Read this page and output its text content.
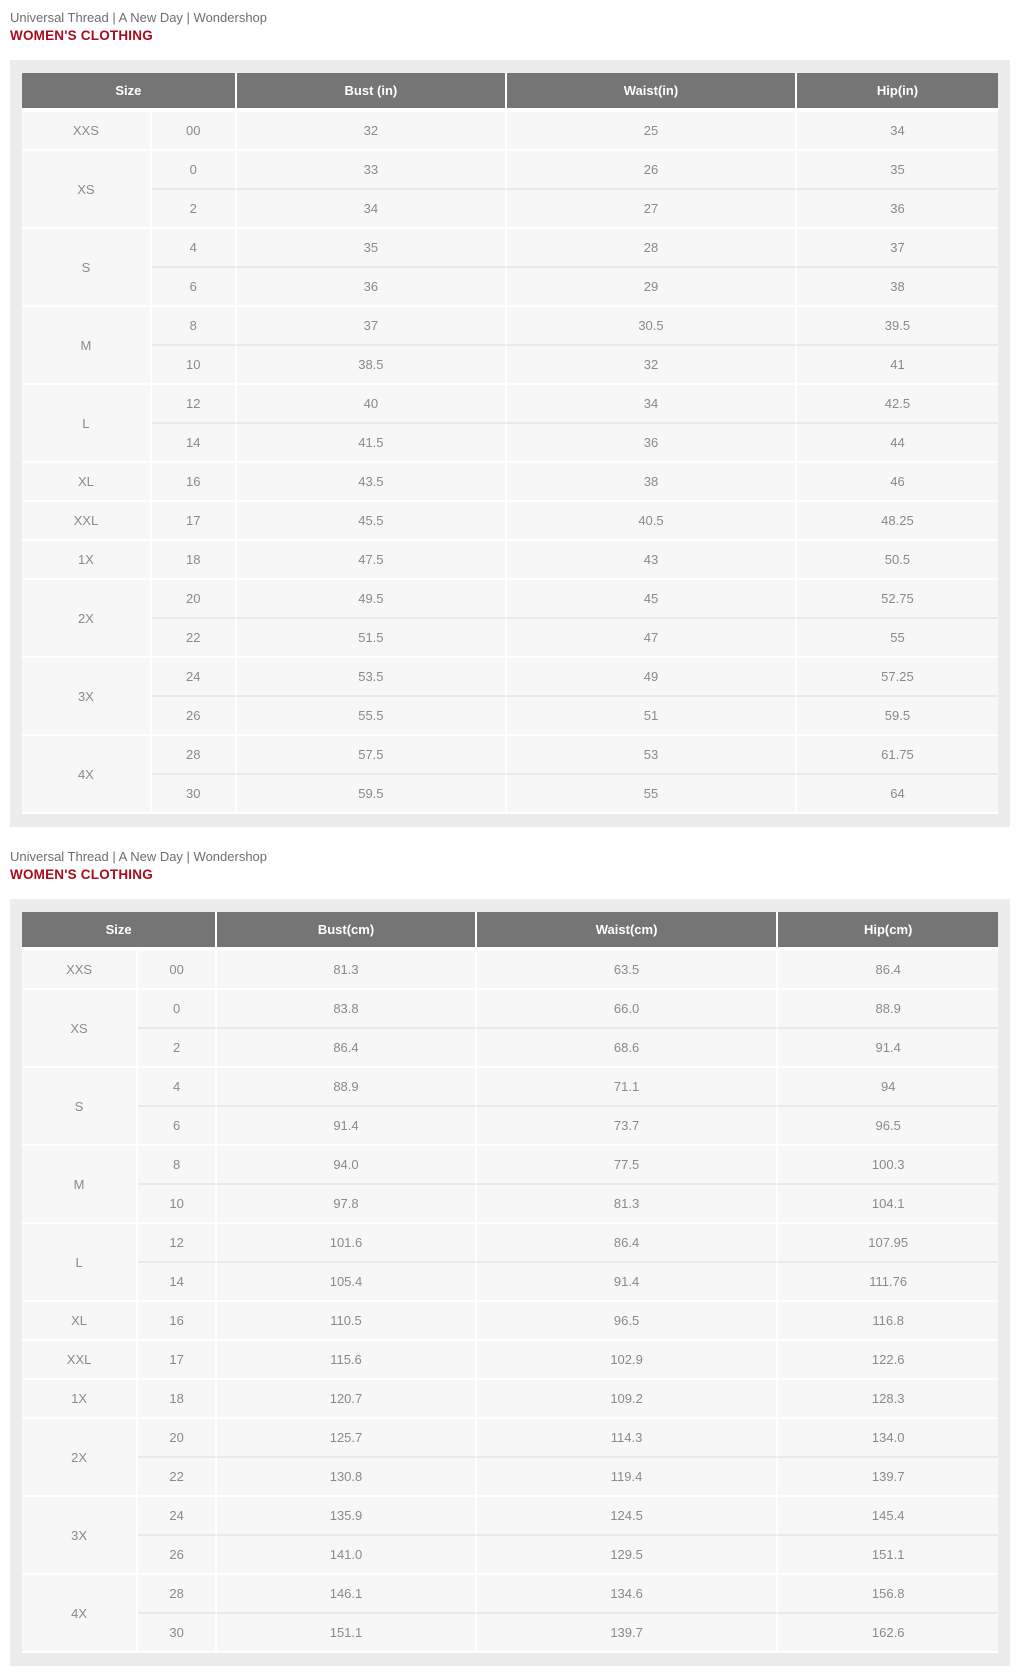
Universal Thread | A New Day | Wondershop
WOMEN'S CLOTHING
Size		Bust (in)	Waist(in)	Hip(in)
XXS	00	32	25	34
XS	0	33	26	35
	2	34	27	36
S	4	35	28	37
	6	36	29	38
M	8	37	30.5	39.5
	10	38.5	32	41
L	12	40	34	42.5
	14	41.5	36	44
XL	16	43.5	38	46
XXL	17	45.5	40.5	48.25
1X	18	47.5	43	50.5
2X	20	49.5	45	52.75
	22	51.5	47	55
3X	24	53.5	49	57.25
	26	55.5	51	59.5
4X	28	57.5	53	61.75
	30	59.5	55	64
Universal Thread | A New Day | Wondershop
WOMEN'S CLOTHING
Size		Bust(cm)	Waist(cm)	Hip(cm)
XXS	00	81.3	63.5	86.4
XS	0	83.8	66.0	88.9
	2	86.4	68.6	91.4
S	4	88.9	71.1	94
	6	91.4	73.7	96.5
M	8	94.0	77.5	100.3
	10	97.8	81.3	104.1
L	12	101.6	86.4	107.95
	14	105.4	91.4	111.76
XL	16	110.5	96.5	116.8
XXL	17	115.6	102.9	122.6
1X	18	120.7	109.2	128.3
2X	20	125.7	114.3	134.0
	22	130.8	119.4	139.7
3X	24	135.9	124.5	145.4
	26	141.0	129.5	151.1
4X	28	146.1	134.6	156.8
	30	151.1	139.7	162.6
